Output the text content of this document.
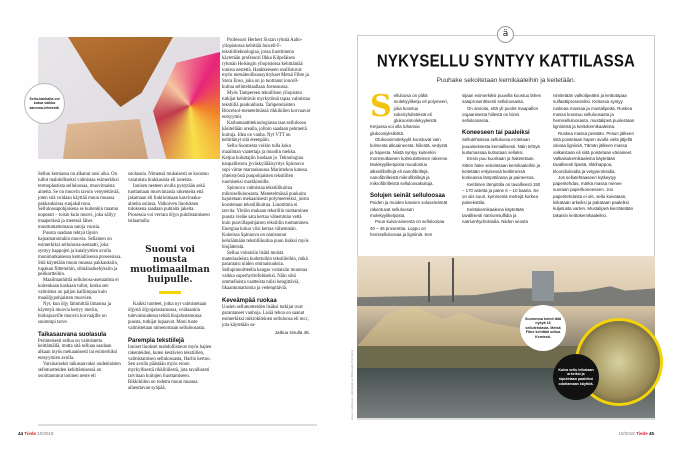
Sellu-kankaita voi kutoa vaikka sanoma-lehdestä.

Sellun kemiassa on alkanut uusi aika. On tullut mahdolliseksi valmistaa esimerkiksi termoplastista selluloosaa, muovimaista ainetta. Se on muovin tavoin venytettävää, joten sitä voidaan käyttää muun muassa pakkauksissa suojakalvona. Selluloosapohjaisena se kuitenkin maatuu nopeasti – toisin kuin muovi, joka säilyy maaperässä ja meressä lähes muuttumattomana satoja vuosia.

Puusta saadaan tehtyä täysin hajoamatontakin muovia. Sellainen on esimerkiksi selluloosa-asetaatti, joka syntyy happojen ja katalyyttien avulla monimutkaisessa kemiallisessa prosessissa. Sitä käytetään muun muassa pakkauksiin, tupakan filttereihin, silmälasikehyksiin ja pelikortteihin.

Maailmanhittiä selluloosa-asetaatista ei kuitenkaan koskaan tullut, koska sen valmistus on paljon kalliimpaa kuin maaöljypohjaisten muovien.

Nyt, kun öljy lämmittää ilmastoa ja käytetyä muovia kertyy meriin, biohajoaville muovin korvaajille on suurempi tarve.

Taikasauvana suolasula

Perinteisesti sellua on valmistettu keittämällä, mutta sitä selluaa saadaan alkaan myös mekaanisesti tai esimerkiksi entsyymien avulla.

Varsinaiseksi taikasauvaksi uudenlaisten sellutuotteiden kehittämisessä on osoittautunut ioninen neste eli

suolasula. Nimensä mukaisesti se koostuu varatuista hiukkasista eli ioneista.

Ionisen nesteen avulla pystytään sekä tuottamaan muovimaisia rakenteita että jakamaan eli fraktioimaan kasviraaka-aineita osiinsa. Valkoiven liuotuksen tuloksena saadaan puhtaita jakeita. Prosessia voi verrata öljyn puhdistamiseen tislaamalla.

Suomi voi nousta muotimaailman huipulle.

Kaikki tuotteet, jotka nyt valmistetaan öljystä öljynjalostamossa, voidaankin tulevaisuudessa tehdä biojalostamossa puusta, tutkijat lupaavat. Moni tuote valmistetaan nimenomaan selluloosasta.

Parempia tekstiilejä

Ioniset liuokset mahdollistavat myös hajien rakenteiden, kuten kestävien tekstiilien, valmistamisen selluloosasta, Harlin kertoo. Sen avulla päästään myös eroon myrkyllisestä rikkihiilestä, jota tavallisesti tarvitaan kuitujen liuottamiseen. Rikkihiilen on todettu muun muassa aiheuttavan syöpää.

Professori Herbert Sixtan ryhmä Aalto-yliopistossa kehittää Ioncell-F-tekstiiliteknologiaa, jossa liuottimena käytetään professori Ilkka Kilpeläisen ryhmän Helsingin yliopistossa kehittämää ionista nestettä. Hankkeeseen osallistuvat myös metsäteollisuusyritykset Metsä Fibre ja Stora Enso, joka on jo tuottanut ioncell-kuitua sellutehtaallaan Joensuussa.

Myös Tampereen teknillisen yliopiston tutkijat kehittävät myrkytöntä tapaa valmistaa tekstiiliä puukuidusta. Tamperelaisten Biocelsol-menetelmässä rikkihiilen korvaavat entsyymit.

Karbamaattiteknologiassa taas selluloosa käsitellään urealla, jolloin saadaan pehmeitä kuituja. Idea on vanha. Nyt VTT on kehittänyt sitä eteenpäin.

Sellu-Suomesta voikin tulla koko maailman vaatettaja ja muodin mekka. Ketjua kuluttajiin luodaan jo. Teknologiaa kaupallistava jyväskyläläisyritys Spinnova sopi viime marraskuussa Marimekon kanssa yhteistyöstä puupohjaisten tekstiilien tuomiseksi markkinoille.

Spinnova valmistaa tekstiilikuitua mikroselluloosasta. Menetelmässä puukuitu hajotetaan mekaanisesti polymeereiksi, joista koostetaan tekstiilikuitua. Liuottimia ei tarvita. Yhtiön mukaan tekstiilin tuottaminen puusta vieläe sata kertaa vähemmän vettä kuin puuvillapohjaisen tekstiilin tuottaminen. Energiaa kuluu viisi kertaa vähemmän. Kokeissa Spinnova on onnistunut kehräämään tekstiilikuitua puun lisäksi myös biojätteistä.

Sellua voitaisiin lisätä muista materiaaleista kudottuihin tekstiileihin, mikä parantaisi niiden ominaisuuksia. Sellupinnoitteella kangas voitaisiin muuntaa vaikka superhydrofobiseksi. Näin siitä ommelluista vaatteista tulisi hengittäviä, likaantumattomia ja vedenpitäviä.

Keveämpää ruokaa

Uusien sellutuotteiden lisäksi tutkijat ovat parantaneet vanhoja. Lisää tehoa on saanut esimerkiksi mikrokiteinen selluloosa eli mcc, jota käytetään sa-

Jatkuu sivulla 46.

44 Tiede 10/2018
ä
NYKYSELLU SYNTYY KATTILASSA
Puuhake sekoitetaan kemikaaleihin ja keitetään.
S elluloosa on pitkä molekyyliketju eli polymeeri, joka koostuu sokeriyhdisteistä eli glukoosimolekyyleistä. Ketjussa voi olla tuhansia glukoosiyksiköitä.

Glukoosimolekyylit koostuvat vain kolmesta alkuaineesta: hiilestä, vedystä ja hapesta. Niistä syntyy kuitenkin monimutkainen kolmiulotteinen rakenne. Molekyyliketjuista muodostuu alkeisfibrillejä eli nanofibrillejä, nanofibrilleistä mikrofibrillejä ja mikrofibrilleistä selluloosakuituja.

Solujen seinät selluloosaa

Puiden ja muiden kasvien soluseinämät rakentuvat selluloosan molekyyliketjuista.

Puun kuiva-aineesta on selluloosaa 40 – 45 prosenttia. Loppu on hemiselluloosaa ja ligniiniä. Sen

sijaan esimerkiksi puuvilla koostuu lähes sataprosenttisesti selluloosasta.

On arvioitu, että yli puolet maapallon orgaanisesta hiilestä on kiinni selluloosassa.

Koneeseen tai paaleiksi

Sellutehtaissa selluloosa erotetaan puuaineksesta kemiallisesti. Näin tehtyä kuitumassaa kutsutaan selluksi.

Ensin puu kuoritaan ja haketetaan. Sitten hake sekoitetaan kemikaaleihin ja keitetään erityisessä keittimessä korkeassa lämpötilassa ja paineessa.

Keittimen lämpötila on tavallisesti 150 – 170 astetta ja paine 6 – 10 baaria. Se on siis suuri, kymmeniä metrejä korkea painekattila.

Keittokemikaaleina käytetään tavallisesti natriumsulfidia ja natriumhydroksidia. Niiden seosta

nimitetään valkolipeäksi ja keittotapaa sulfaattiprosessiksi. Keitossa syntyy ruskeaa massaa ja mustalipeää. Ruskea massa koostuu selluloosasta ja hemiselluloosasta, mustalipeä puolestaan ligniinistä ja keittokemikaaleista.

Ruskea massa pestään. Pesun jälkeen siitä poistetaan hapen avulla vielä jäljellä olevaa ligniiniä. Tämän jälkeen massa valkaistaan eli siitä poistetaan väriaineet. Valkaisukemikaaleina käytetään tavallisesti lipeää, rikkihappoa, klooridioksidia ja vetyperoksidia.

Jos sellutehtaaseen kytkeytyy paperitehdas, märkä massa menee suoraan paperikoneeseen. Jos paperitehdasta ei ole, sellu kuivataan, leikataan arkeiksi ja pakataan paaleiksi kuljetusta varten. Mustalipeä kierrätetään takaisin keittokemikaaleiksi.

Kuvat: Lehtikuva, valmistajat ja Wikimedia Commons
Suomessa toimii tätä nykyä 18 sellutehdasta. Metsä Fibre kehittää sellua Kemissä.
Kuiva sellu leikataan arkeiksi ja niputetaan paaleiksi odottamaan käyttöä.
10/2018 Tiede 45
